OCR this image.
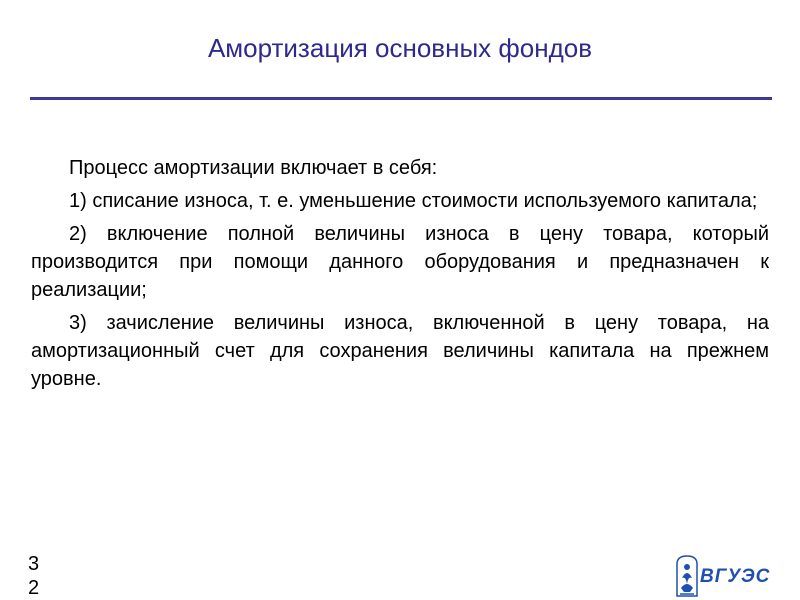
Амортизация основных фондов

Процесс амортизации включает в себя:

1) списание износа, т. е. уменьшение стоимости используемого капитала;

2) включение полной величины износа в цену товара, который производится при помощи данного оборудования и предназначен к реализации;

3) зачисление величины износа, включенной в цену товара, на амортизационный счет для сохранения величины капитала на прежнем уровне.

32
ВГУЭС
